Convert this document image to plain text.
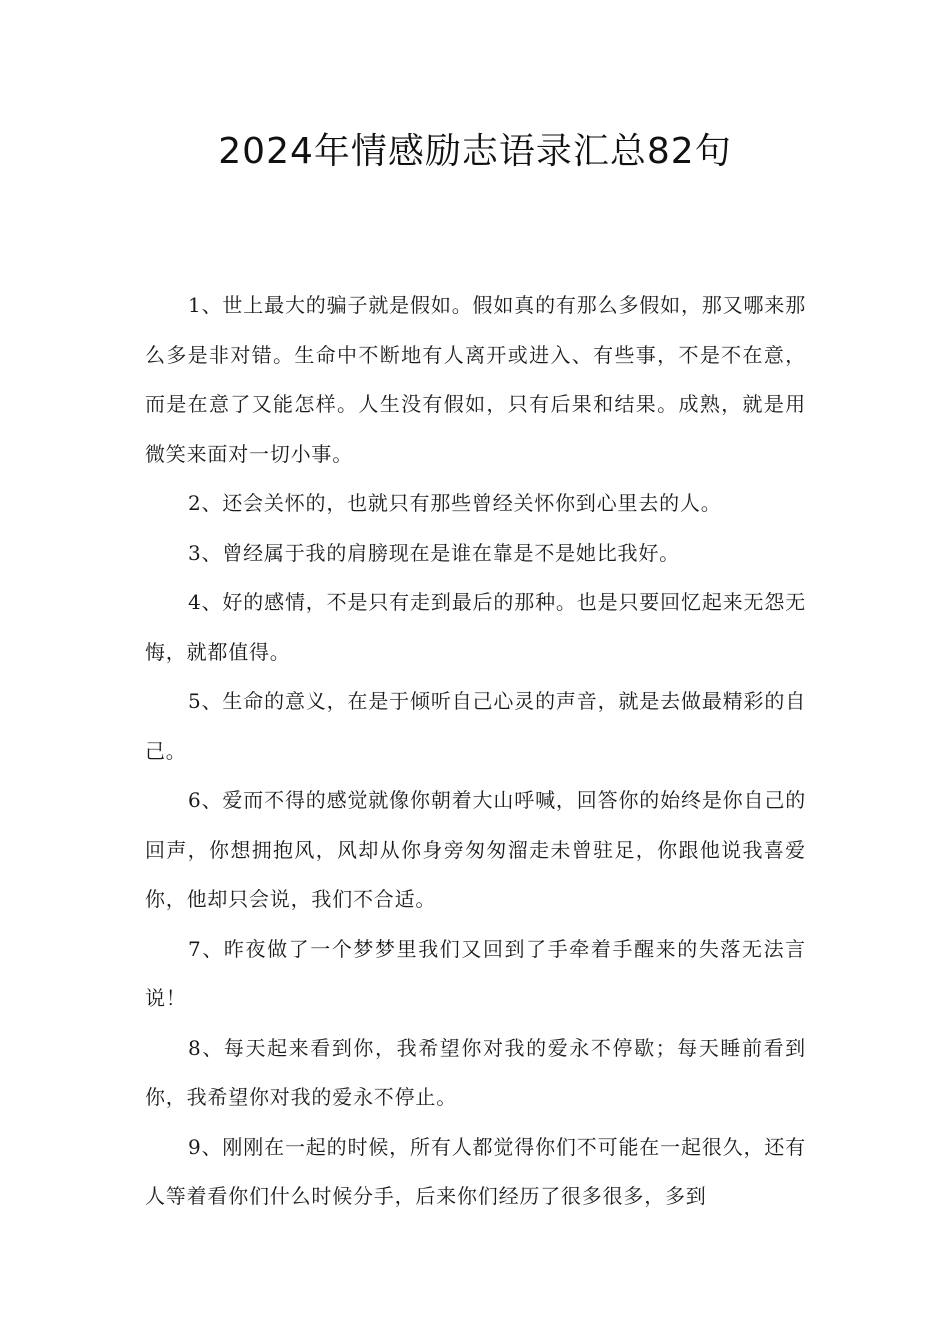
2024年情感励志语录汇总82句

1、世上最大的骗子就是假如。假如真的有那么多假如，那又哪来那么多是非对错。生命中不断地有人离开或进入、有些事，不是不在意，而是在意了又能怎样。人生没有假如，只有后果和结果。成熟，就是用微笑来面对一切小事。

2、还会关怀的，也就只有那些曾经关怀你到心里去的人。

3、曾经属于我的肩膀现在是谁在靠是不是她比我好。

4、好的感情，不是只有走到最后的那种。也是只要回忆起来无怨无悔，就都值得。

5、生命的意义，在是于倾听自己心灵的声音，就是去做最精彩的自己。

6、爱而不得的感觉就像你朝着大山呼喊，回答你的始终是你自己的回声，你想拥抱风，风却从你身旁匆匆溜走未曾驻足，你跟他说我喜爱你，他却只会说，我们不合适。

7、昨夜做了一个梦梦里我们又回到了手牵着手醒来的失落无法言说！

8、每天起来看到你，我希望你对我的爱永不停歇；每天睡前看到你，我希望你对我的爱永不停止。

9、刚刚在一起的时候，所有人都觉得你们不可能在一起很久，还有人等着看你们什么时候分手，后来你们经历了很多很多，多到
